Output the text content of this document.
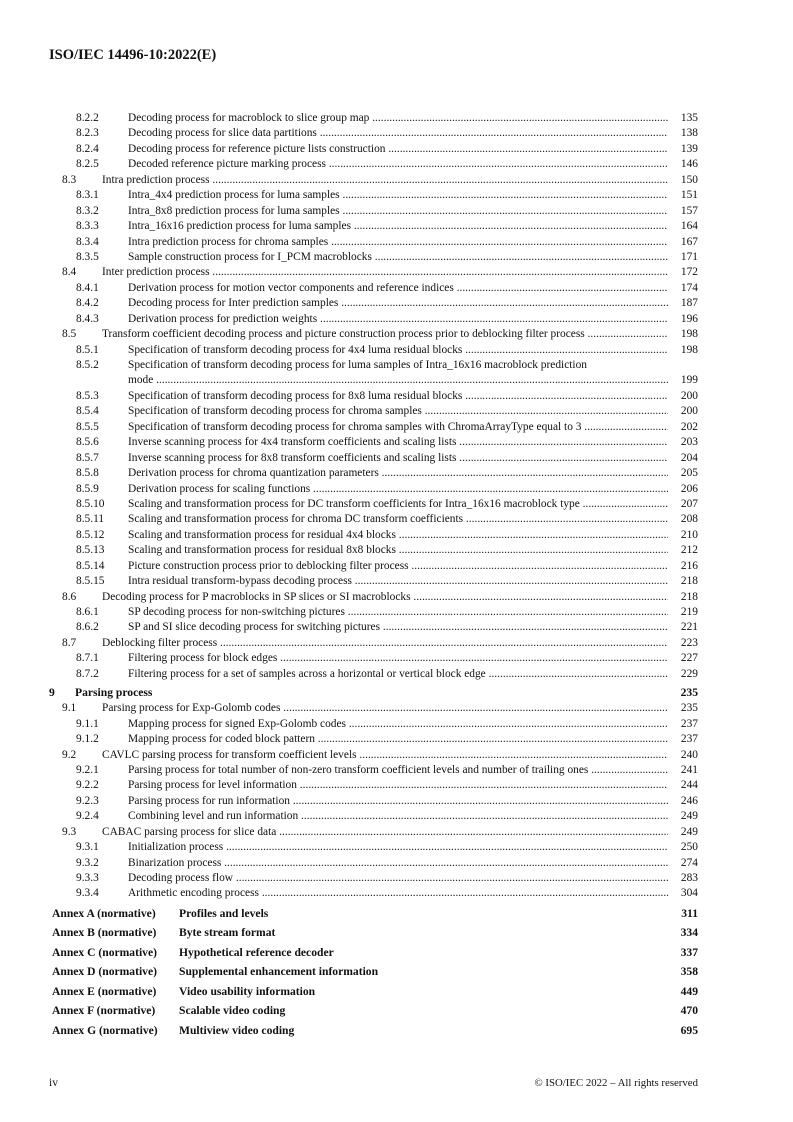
ISO/IEC 14496-10:2022(E)
8.2.2	Decoding process for macroblock to slice group map .....	135
8.2.3	Decoding process for slice data partitions .....	138
8.2.4	Decoding process for reference picture lists construction .....	139
8.2.5	Decoded reference picture marking process .....	146
8.3 Intra prediction process .....	150
8.3.1	Intra_4x4 prediction process for luma samples .....	151
8.3.2	Intra_8x8 prediction process for luma samples .....	157
8.3.3	Intra_16x16 prediction process for luma samples .....	164
8.3.4	Intra prediction process for chroma samples .....	167
8.3.5	Sample construction process for I_PCM macroblocks .....	171
8.4 Inter prediction process .....	172
8.4.1	Derivation process for motion vector components and reference indices .....	174
8.4.2	Decoding process for Inter prediction samples .....	187
8.4.3	Derivation process for prediction weights .....	196
8.5 Transform coefficient decoding process and picture construction process prior to deblocking filter process .....	198
8.5.1	Specification of transform decoding process for 4x4 luma residual blocks .....	198
8.5.2	Specification of transform decoding process for luma samples of Intra_16x16 macroblock prediction
mode .....	199
8.5.3	Specification of transform decoding process for 8x8 luma residual blocks .....	200
8.5.4	Specification of transform decoding process for chroma samples .....	200
8.5.5	Specification of transform decoding process for chroma samples with ChromaArrayType equal to 3 .....	202
8.5.6	Inverse scanning process for 4x4 transform coefficients and scaling lists .....	203
8.5.7	Inverse scanning process for 8x8 transform coefficients and scaling lists .....	204
8.5.8	Derivation process for chroma quantization parameters .....	205
8.5.9	Derivation process for scaling functions .....	206
8.5.10 Scaling and transformation process for DC transform coefficients for Intra_16x16 macroblock type .....	207
8.5.11 Scaling and transformation process for chroma DC transform coefficients .....	208
8.5.12 Scaling and transformation process for residual 4x4 blocks .....	210
8.5.13 Scaling and transformation process for residual 8x8 blocks .....	212
8.5.14 Picture construction process prior to deblocking filter process .....	216
8.5.15 Intra residual transform-bypass decoding process .....	218
8.6 Decoding process for P macroblocks in SP slices or SI macroblocks .....	218
8.6.1	SP decoding process for non-switching pictures .....	219
8.6.2	SP and SI slice decoding process for switching pictures .....	221
8.7 Deblocking filter process .....	223
8.7.1	Filtering process for block edges .....	227
8.7.2	Filtering process for a set of samples across a horizontal or vertical block edge .....	229
9 Parsing process	235
9.1 Parsing process for Exp-Golomb codes .....	235
9.1.1	Mapping process for signed Exp-Golomb codes .....	237
9.1.2	Mapping process for coded block pattern .....	237
9.2 CAVLC parsing process for transform coefficient levels .....	240
9.2.1	Parsing process for total number of non-zero transform coefficient levels and number of trailing ones .....	241
9.2.2	Parsing process for level information .....	244
9.2.3	Parsing process for run information .....	246
9.2.4	Combining level and run information .....	249
9.3 CABAC parsing process for slice data .....	249
9.3.1	Initialization process .....	250
9.3.2	Binarization process .....	274
9.3.3	Decoding process flow .....	283
9.3.4	Arithmetic encoding process .....	304
Annex A (normative) Profiles and levels	311
Annex B (normative) Byte stream format	334
Annex C (normative) Hypothetical reference decoder	337
Annex D (normative) Supplemental enhancement information	358
Annex E (normative) Video usability information	449
Annex F (normative) Scalable video coding	470
Annex G (normative) Multiview video coding	695
iv	© ISO/IEC 2022 – All rights reserved
